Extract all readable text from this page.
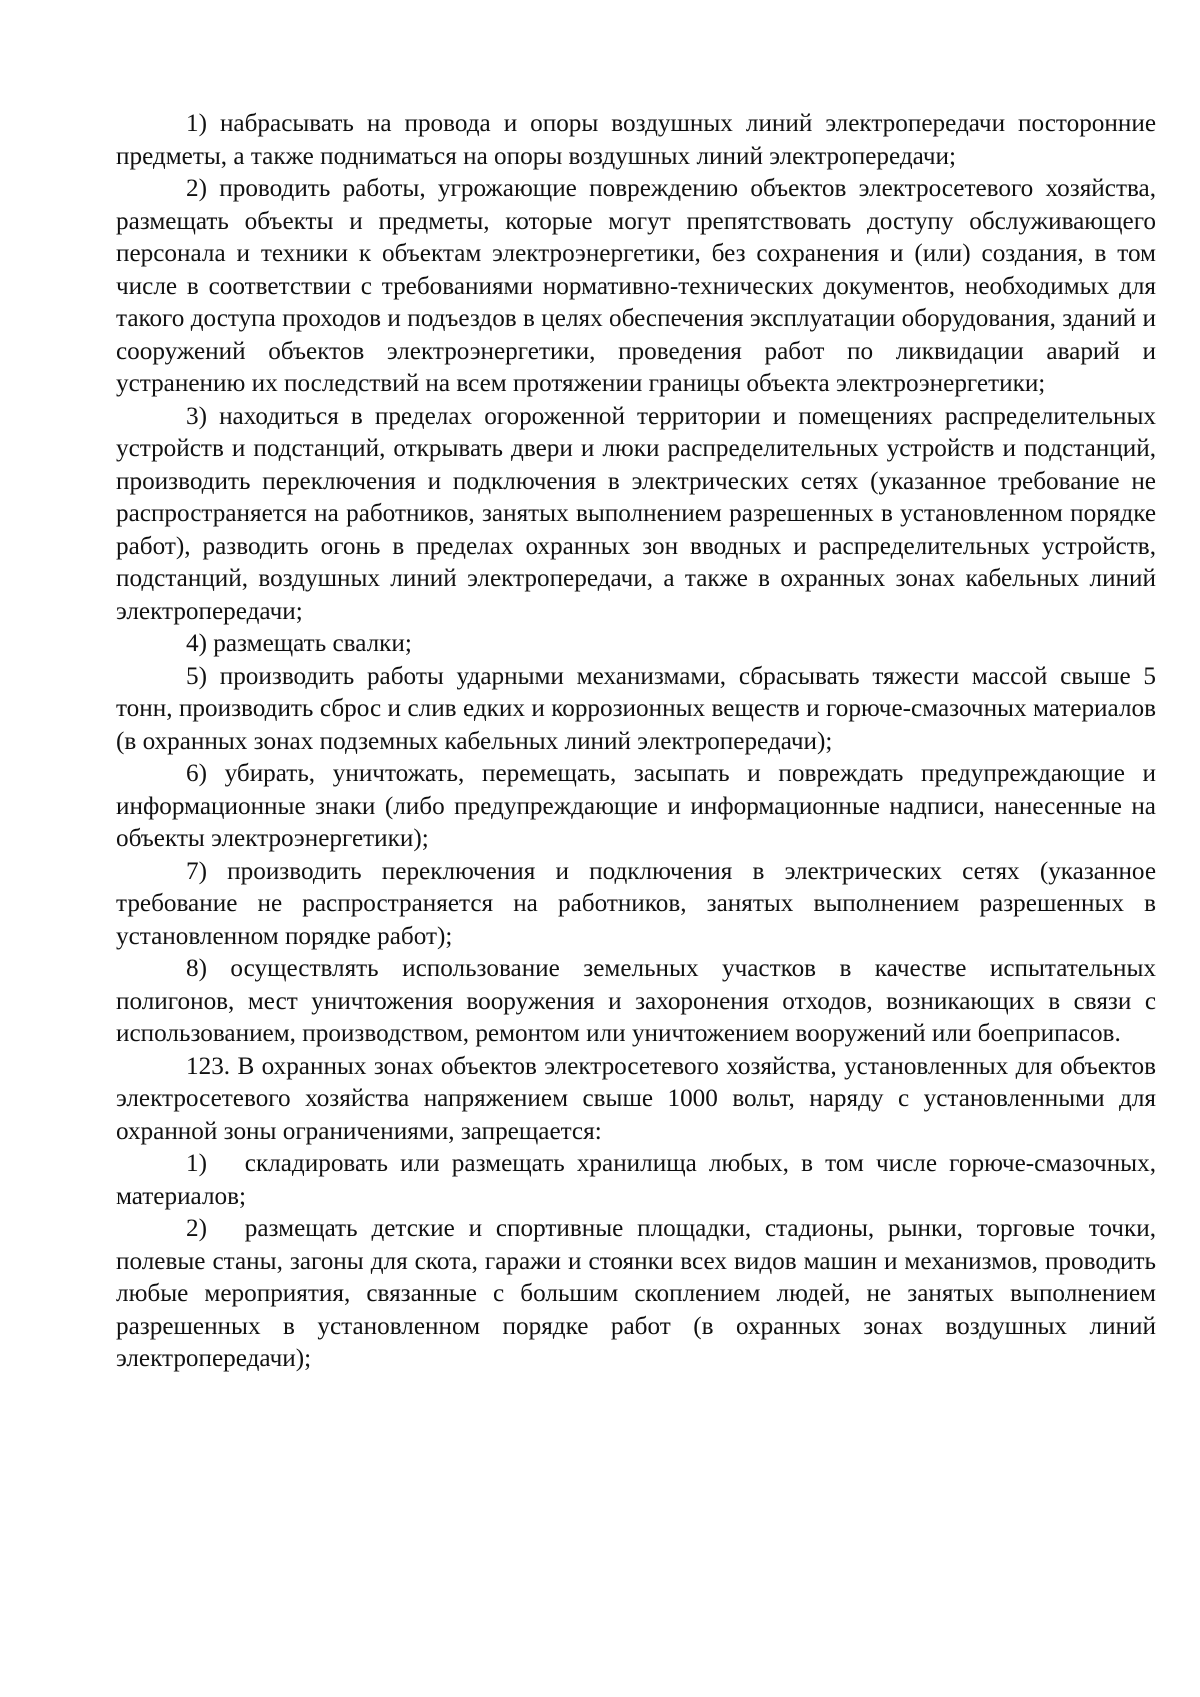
1) набрасывать на провода и опоры воздушных линий электропередачи посторонние предметы, а также подниматься на опоры воздушных линий электропередачи;

2) проводить работы, угрожающие повреждению объектов электросетевого хозяйства, размещать объекты и предметы, которые могут препятствовать доступу обслуживающего персонала и техники к объектам электроэнергетики, без сохранения и (или) создания, в том числе в соответствии с требованиями нормативно-технических документов, необходимых для такого доступа проходов и подъездов в целях обеспечения эксплуатации оборудования, зданий и сооружений объектов электроэнергетики, проведения работ по ликвидации аварий и устранению их последствий на всем протяжении границы объекта электроэнергетики;

3) находиться в пределах огороженной территории и помещениях распределительных устройств и подстанций, открывать двери и люки распределительных устройств и подстанций, производить переключения и подключения в электрических сетях (указанное требование не распространяется на работников, занятых выполнением разрешенных в установленном порядке работ), разводить огонь в пределах охранных зон вводных и распределительных устройств, подстанций, воздушных линий электропередачи, а также в охранных зонах кабельных линий электропередачи;

4) размещать свалки;

5) производить работы ударными механизмами, сбрасывать тяжести массой свыше 5 тонн, производить сброс и слив едких и коррозионных веществ и горюче-смазочных материалов (в охранных зонах подземных кабельных линий электропередачи);

6) убирать, уничтожать, перемещать, засыпать и повреждать предупреждающие и информационные знаки (либо предупреждающие и информационные надписи, нанесенные на объекты электроэнергетики);

7) производить переключения и подключения в электрических сетях (указанное требование не распространяется на работников, занятых выполнением разрешенных в установленном порядке работ);

8) осуществлять использование земельных участков в качестве испытательных полигонов, мест уничтожения вооружения и захоронения отходов, возникающих в связи с использованием, производством, ремонтом или уничтожением вооружений или боеприпасов.

123. В охранных зонах объектов электросетевого хозяйства, установленных для объектов электросетевого хозяйства напряжением свыше 1000 вольт, наряду с установленными для охранной зоны ограничениями, запрещается:

1)  складировать или размещать хранилища любых, в том числе горюче-смазочных, материалов;

2)  размещать детские и спортивные площадки, стадионы, рынки, торговые точки, полевые станы, загоны для скота, гаражи и стоянки всех видов машин и механизмов, проводить любые мероприятия, связанные с большим скоплением людей, не занятых выполнением разрешенных в установленном порядке работ (в охранных зонах воздушных линий электропередачи);
